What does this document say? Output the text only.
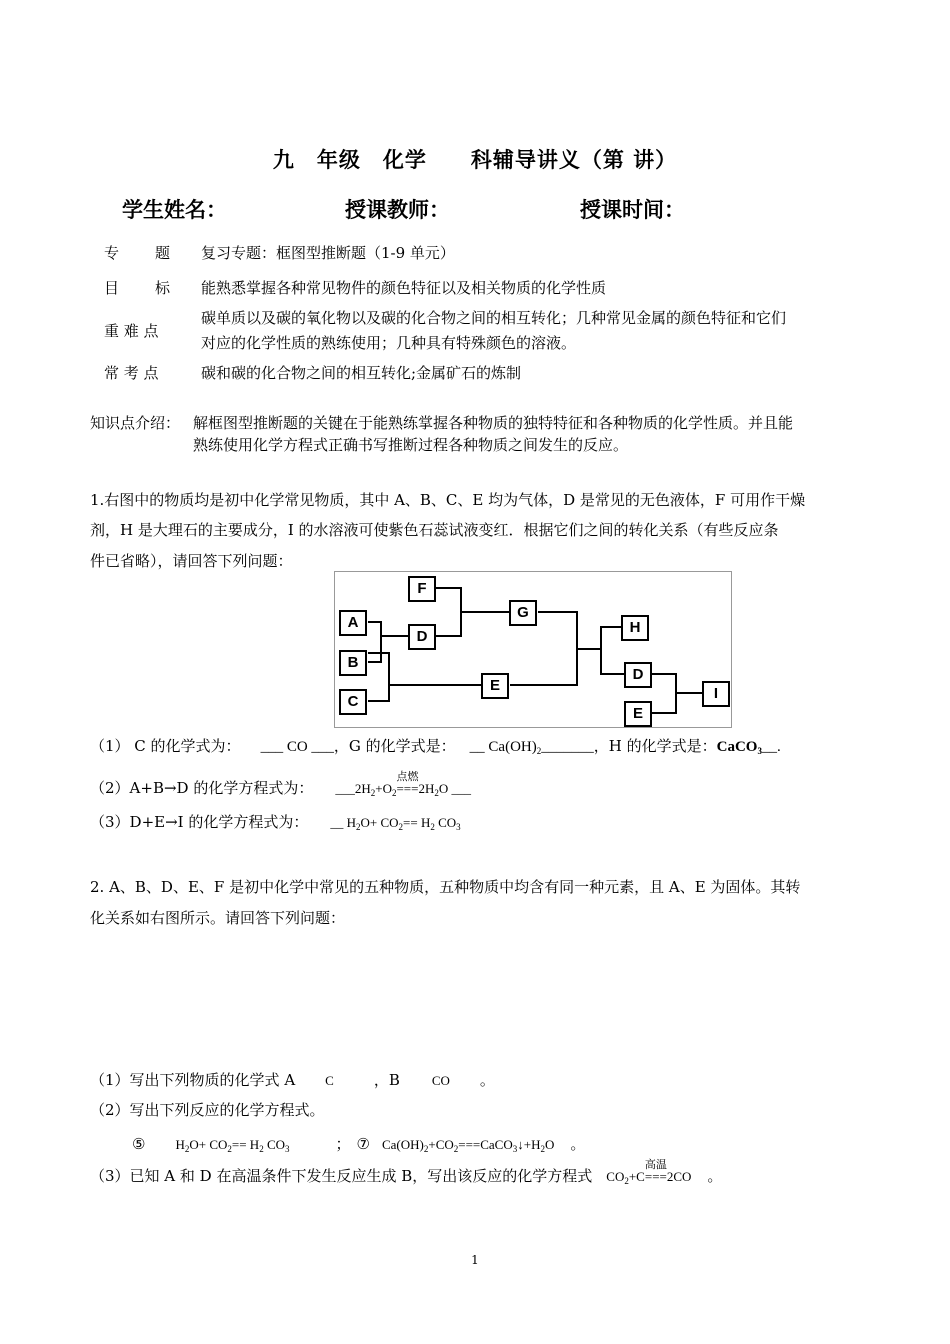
九　年级　化学　　科辅导讲义（第 讲）
学生姓名：	授课教师：	授课时间：
专 题 复习专题：框图型推断题（1-9 单元）
目 标 能熟悉掌握各种常见物件的颜色特征以及相关物质的化学性质
重 难 点
碳单质以及碳的氧化物以及碳的化合物之间的相互转化；几种常见金属的颜色特征和它们
对应的化学性质的熟练使用；几种具有特殊颜色的溶液。
常 考 点	碳和碳的化合物之间的相互转化;金属矿石的炼制
知识点介绍： 解框图型推断题的关键在于能熟练掌握各种物质的独特特征和各种物质的化学性质。并且能
熟练使用化学方程式正确书写推断过程各种物质之间发生的反应。
1.右图中的物质均是初中化学常见物质，其中 A、B、C、E 均为气体，D 是常见的无色液体，F 可用作干燥
剂，H 是大理石的主要成分，I 的水溶液可使紫色石蕊试液变红．根据它们之间的转化关系（有些反应条
件已省略），请回答下列问题：
A
B
C
D
F
G
E
H
D
E
I
（1） C 的化学式为： ___ CO ___，G 的化学式是： __ $Ca(OH)_2\_\_\_\_\_\_\_$，H 的化学式是：CaCO$_3$__.
（2）A+B→D 的化学方程式为： $\_\_\_2H_2+O_2$
点燃
$===2H_2O$ ___
（3）D+E→I 的化学方程式为： __ $H_2O+ CO_2== H_2$ $CO_3$
2. A、B、D、E、F 是初中化学中常见的五种物质，五种物质中均含有同一种元素，且 A、E 为固体。其转
化关系如右图所示。请回答下列问题：
（1）写出下列物质的化学式 A C	，B CO 。
（2）写出下列反应的化学方程式。
⑤ $H_2O+ CO_2== H_2$ $CO_3$	； ⑦ $Ca(OH)_2+CO_2===CaCO_3↓+H_2O$ 。
（3）已知 A 和 D 在高温条件下发生反应生成 B，写出该反应的化学方程式 $CO_2+C$
高温
===2CO 。
1
